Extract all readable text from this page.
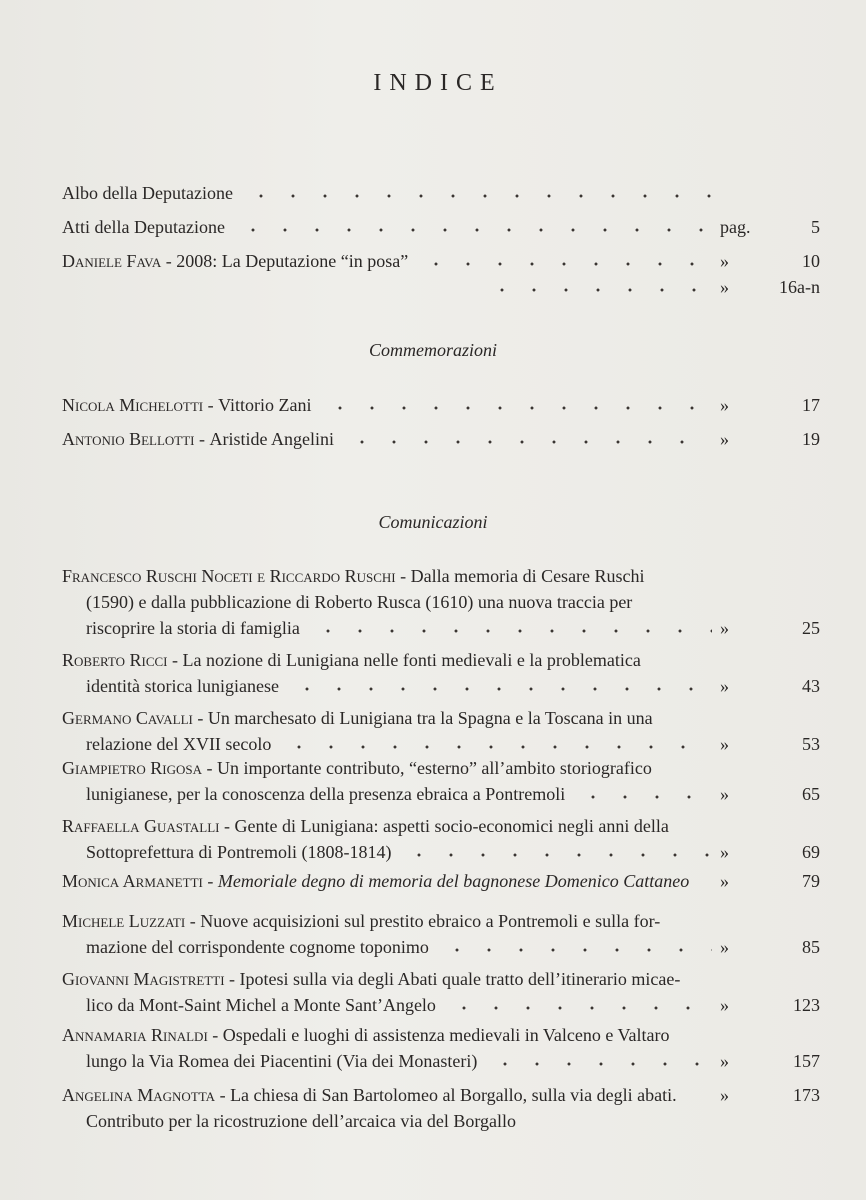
INDICE
Albo della Deputazione
Atti della Deputazione	pag.	5
Daniele Fava - 2008: La Deputazione “in posa”	»	10
»	16a-n
Commemorazioni
Nicola Michelotti - Vittorio Zani	»	17
Antonio Bellotti - Aristide Angelini	»	19
Comunicazioni
Francesco Ruschi Noceti e Riccardo Ruschi - Dalla memoria di Cesare Ruschi
(1590) e dalla pubblicazione di Roberto Rusca (1610) una nuova traccia per
riscoprire la storia di famiglia	»	25
Roberto Ricci - La nozione di Lunigiana nelle fonti medievali e la problematica
identità storica lunigianese	»	43
Germano Cavalli - Un marchesato di Lunigiana tra la Spagna e la Toscana in una
relazione del XVII secolo	»	53
Giampietro Rigosa - Un importante contributo, “esterno” all’ambito storiografico
lunigianese, per la conoscenza della presenza ebraica a Pontremoli	»	65
Raffaella Guastalli - Gente di Lunigiana: aspetti socio-economici negli anni della
Sottoprefettura di Pontremoli (1808-1814)	»	69
Monica Armanetti - Memoriale degno di memoria del bagnonese Domenico Cattaneo »	79
Michele Luzzati - Nuove acquisizioni sul prestito ebraico a Pontremoli e sulla for-
mazione del corrispondente cognome toponimo	»	85
Giovanni Magistretti - Ipotesi sulla via degli Abati quale tratto dell’itinerario micae-
lico da Mont-Saint Michel a Monte Sant’Angelo	»	123
Annamaria Rinaldi - Ospedali e luoghi di assistenza medievali in Valceno e Valtaro
lungo la Via Romea dei Piacentini (Via dei Monasteri)	»	157
Angelina Magnotta - La chiesa di San Bartolomeo al Borgallo, sulla via degli abati. »	173
Contributo per la ricostruzione dell’arcaica via del Borgallo
